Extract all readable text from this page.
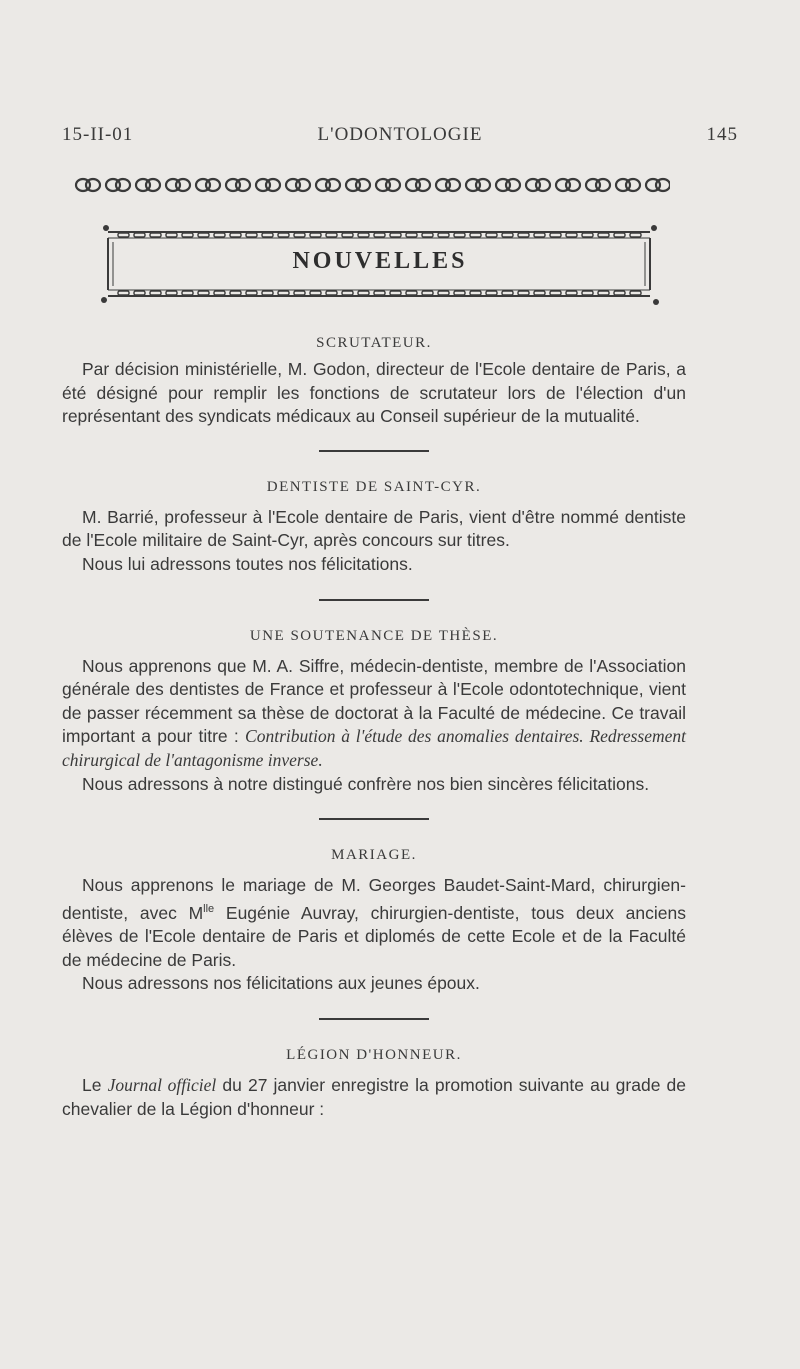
15-II-01	L'ODONTOLOGIE	145
NOUVELLES
SCRUTATEUR.

Par décision ministérielle, M. Godon, directeur de l'Ecole dentaire de Paris, a été désigné pour remplir les fonctions de scrutateur lors de l'élection d'un représentant des syndicats médicaux au Conseil supérieur de la mutualité.

DENTISTE DE SAINT-CYR.

M. Barrié, professeur à l'Ecole dentaire de Paris, vient d'être nommé dentiste de l'Ecole militaire de Saint-Cyr, après concours sur titres.

Nous lui adressons toutes nos félicitations.

UNE SOUTENANCE DE THÈSE.

Nous apprenons que M. A. Siffre, médecin-dentiste, membre de l'Association générale des dentistes de France et professeur à l'Ecole odontotechnique, vient de passer récemment sa thèse de doctorat à la Faculté de médecine. Ce travail important a pour titre : Contribution à l'étude des anomalies dentaires. Redressement chirurgical de l'antagonisme inverse.

Nous adressons à notre distingué confrère nos bien sincères félicitations.

MARIAGE.

Nous apprenons le mariage de M. Georges Baudet-Saint-Mard, chirurgien-dentiste, avec $M^{lle}$ Eugénie Auvray, chirurgien-dentiste, tous deux anciens élèves de l'Ecole dentaire de Paris et diplomés de cette Ecole et de la Faculté de médecine de Paris.

Nous adressons nos félicitations aux jeunes époux.

LÉGION D'HONNEUR.

Le Journal officiel du 27 janvier enregistre la promotion suivante au grade de chevalier de la Légion d'honneur :
